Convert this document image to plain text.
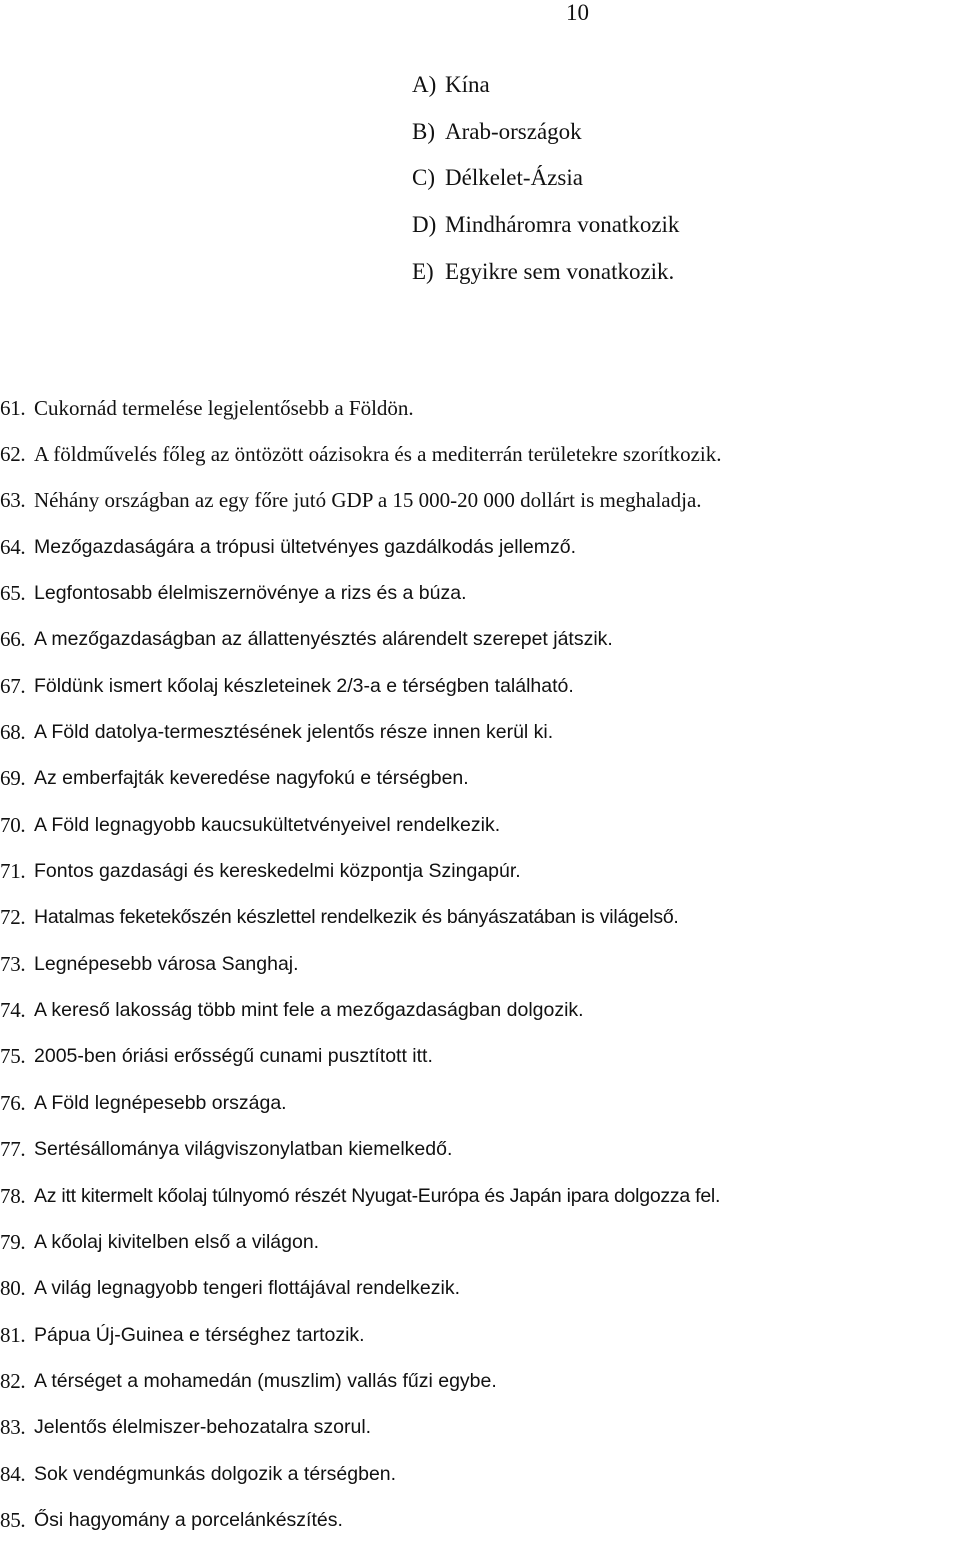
10
A) Kína
B) Arab-országok
C) Délkelet-Ázsia
D) Mindháromra vonatkozik
E) Egyikre sem vonatkozik.
61. Cukornád termelése legjelentősebb a Földön.
62. A földművelés főleg az öntözött oázisokra és a mediterrán területekre szorítkozik.
63. Néhány országban az egy főre jutó GDP a 15 000-20 000 dollárt is meghaladja.
64. Mezőgazdaságára a trópusi ültetvényes gazdálkodás jellemző.
65. Legfontosabb élelmiszernövénye a rizs és a búza.
66. A mezőgazdaságban az állattenyésztés alárendelt szerepet játszik.
67. Földünk ismert kőolaj készleteinek 2/3-a e térségben található.
68. A Föld datolya-termesztésének jelentős része innen kerül ki.
69. Az emberfajták keveredése nagyfokú e térségben.
70. A Föld legnagyobb kaucsukültetvényeivel rendelkezik.
71. Fontos gazdasági és kereskedelmi központja Szingapúr.
72. Hatalmas feketekőszén készlettel rendelkezik és bányászatában is világelső.
73. Legnépesebb városa Sanghaj.
74. A kereső lakosság több mint fele a mezőgazdaságban dolgozik.
75. 2005-ben óriási erősségű cunami pusztított itt.
76. A Föld legnépesebb országa.
77. Sertésállománya világviszonylatban kiemelkedő.
78. Az itt kitermelt kőolaj túlnyomó részét Nyugat-Európa és Japán ipara dolgozza fel.
79. A kőolaj kivitelben első a világon.
80. A világ legnagyobb tengeri flottájával rendelkezik.
81. Pápua Új-Guinea e térséghez tartozik.
82. A térséget a mohamedán (muszlim) vallás fűzi egybe.
83. Jelentős élelmiszer-behozatalra szorul.
84. Sok vendégmunkás dolgozik a térségben.
85. Ősi hagyomány a porcelánkészítés.
